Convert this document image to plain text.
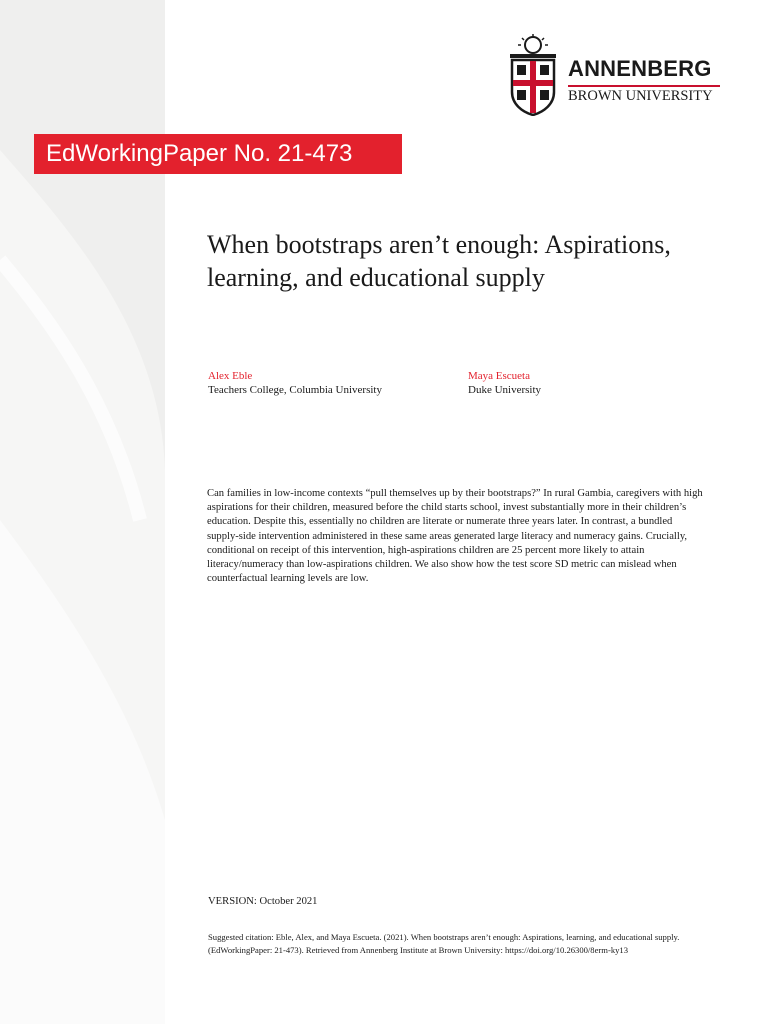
ANNENBERG
BROWN UNIVERSITY
EdWorkingPaper No. 21-473
When bootstraps aren’t enough: Aspirations, learning, and educational supply
Alex Eble
Teachers College, Columbia University
Maya Escueta
Duke University

Can families in low-income contexts “pull themselves up by their bootstraps?” In rural Gambia, caregivers with high aspirations for their children, measured before the child starts school, invest substantially more in their children’s education. Despite this, essentially no children are literate or numerate three years later. In contrast, a bundled supply-side intervention administered in these same areas generated large literacy and numeracy gains. Crucially, conditional on receipt of this intervention, high-aspirations children are 25 percent more likely to attain literacy/numeracy than low-aspirations children. We also show how the test score SD metric can mislead when counterfactual learning levels are low.

VERSION: October 2021

Suggested citation: Eble, Alex, and Maya Escueta. (2021). When bootstraps aren’t enough: Aspirations, learning, and educational supply. (EdWorkingPaper: 21-473). Retrieved from Annenberg Institute at Brown University: https://doi.org/10.26300/8erm-ky13
